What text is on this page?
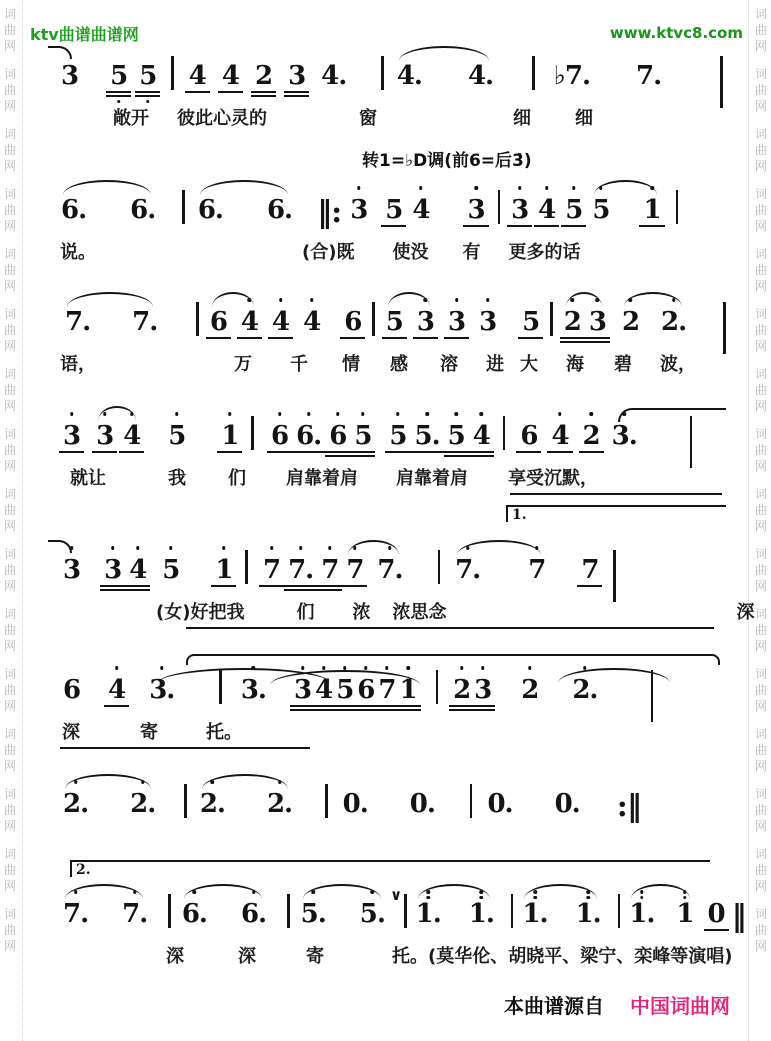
词
曲
网
词
曲
网
词
曲
网
词
曲
网
词
曲
网
词
曲
网
词
曲
网
词
曲
网
词
曲
网
词
曲
网
词
曲
网
词
曲
网
词
曲
网
词
曲
网
词
曲
网
词
曲
网
词
曲
网
词
曲
网
词
曲
网
词
曲
网
词
曲
网
词
曲
网
词
曲
网
词
曲
网
词
曲
网
词
曲
网
词
曲
网
词
曲
网
词
曲
网
词
曲
网
词
曲
网
词
曲
网
ktv曲谱曲谱网	www.ktvc8.com
3 5 5 4 4 2 3 4. 4. 4. ♭7. 7.
敞开 彼此心灵的	窗	细 细
转1=♭D调(前6=后3̇)
6. 6. 6. 6. ‖: 3 5 4 3 3 4 5 5 1
说。	(合)既 使没 有 更多的话
7. 7. 6 4 4 4 6 5 3 3 3 5 2 3 2 2.
语，	万 千 情 感 溶 进 大 海 碧 波，
3 3 4 5 1 6 6. 6 5 5 5. 5 4 6 4 2 3.
就让	我 们 肩靠着肩 肩靠着肩 享受沉默，
1.
3 3 4 5 1 7 7. 7 7 7. 7. 7 7
(女)好把我	们 浓 浓思念	深
6 4 3.	3. 3 4 5 6 7 1 2 3 2 2.
深	寄	托。
2. 2. 2. 2. 0. 0. 0. 0. :‖
2.
7. 7. 6. 6. 5. 5.
∨
1. 1. 1. 1. 1. 1 0 ‖
深	深	寄	托。(莫华伦、胡晓平、梁宁、栾峰等演唱)
本曲谱源自 中国词曲网
